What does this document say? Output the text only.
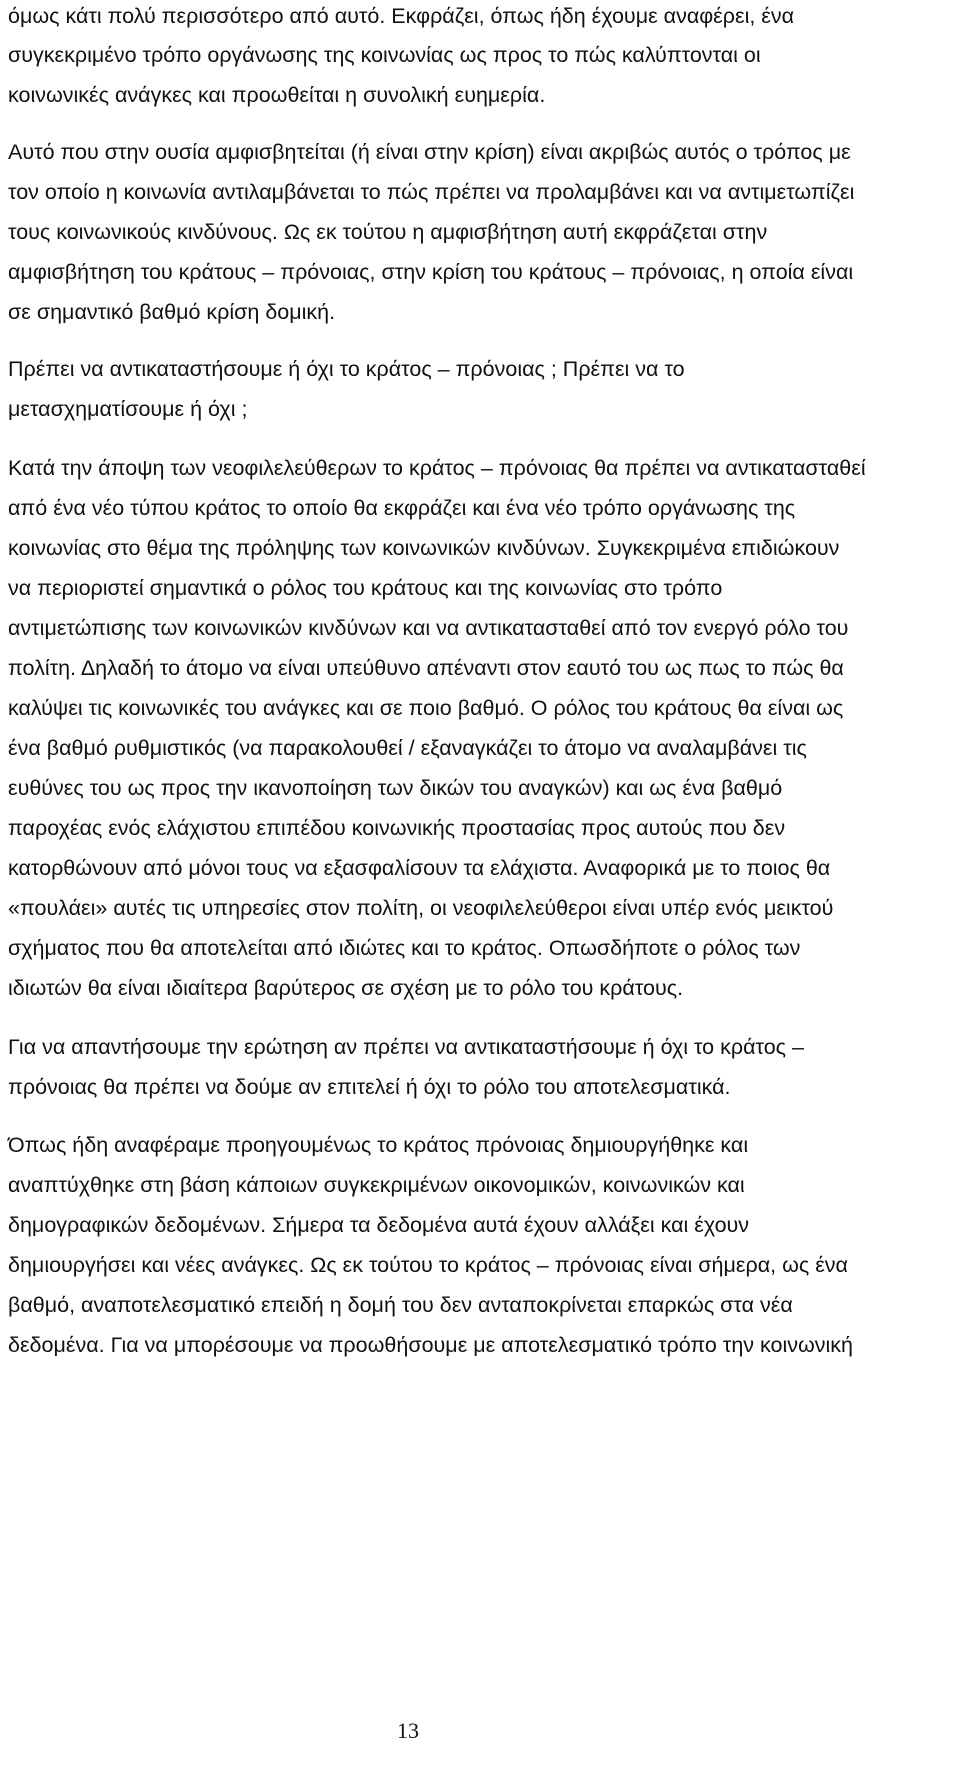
όμως κάτι πολύ περισσότερο από αυτό. Εκφράζει, όπως ήδη έχουμε αναφέρει, ένα
συγκεκριμένο τρόπο οργάνωσης της κοινωνίας ως προς το πώς καλύπτονται οι
κοινωνικές ανάγκες και προωθείται η συνολική ευημερία.
Αυτό που στην ουσία αμφισβητείται (ή είναι στην κρίση) είναι ακριβώς αυτός ο τρόπος με
τον οποίο η κοινωνία αντιλαμβάνεται το πώς πρέπει να προλαμβάνει και να αντιμετωπίζει
τους κοινωνικούς κινδύνους. Ως εκ τούτου η αμφισβήτηση αυτή εκφράζεται στην
αμφισβήτηση του κράτους – πρόνοιας, στην κρίση του κράτους – πρόνοιας, η οποία είναι
σε σημαντικό βαθμό κρίση δομική.
Πρέπει να αντικαταστήσουμε ή όχι το κράτος – πρόνοιας ; Πρέπει να το
μετασχηματίσουμε ή όχι ;
Κατά την άποψη των νεοφιλελεύθερων το κράτος – πρόνοιας θα πρέπει να αντικατασταθεί
από ένα νέο τύπου κράτος το οποίο θα εκφράζει και ένα νέο τρόπο οργάνωσης της
κοινωνίας στο θέμα της πρόληψης των κοινωνικών κινδύνων. Συγκεκριμένα επιδιώκουν
να περιοριστεί σημαντικά ο ρόλος του κράτους και της κοινωνίας στο τρόπο
αντιμετώπισης των κοινωνικών κινδύνων και να αντικατασταθεί από τον ενεργό ρόλο του
πολίτη. Δηλαδή το άτομο να είναι υπεύθυνο απέναντι στον εαυτό του ως πως το πώς θα
καλύψει τις κοινωνικές του ανάγκες και σε ποιο βαθμό. Ο ρόλος του κράτους θα είναι ως
ένα βαθμό ρυθμιστικός (να παρακολουθεί / εξαναγκάζει το άτομο να αναλαμβάνει τις
ευθύνες του ως προς την ικανοποίηση των δικών του αναγκών) και ως ένα βαθμό
παροχέας ενός ελάχιστου επιπέδου κοινωνικής προστασίας προς αυτούς που δεν
κατορθώνουν από μόνοι τους να εξασφαλίσουν τα ελάχιστα. Αναφορικά με το ποιος θα
«πουλάει» αυτές τις υπηρεσίες στον πολίτη, οι νεοφιλελεύθεροι είναι υπέρ ενός μεικτού
σχήματος που θα αποτελείται από ιδιώτες και το κράτος. Οπωσδήποτε ο ρόλος των
ιδιωτών θα είναι ιδιαίτερα βαρύτερος σε σχέση με το ρόλο του κράτους.
Για να απαντήσουμε την ερώτηση αν πρέπει να αντικαταστήσουμε ή όχι το κράτος –
πρόνοιας θα πρέπει να δούμε αν επιτελεί ή όχι το ρόλο του αποτελεσματικά.
Όπως ήδη αναφέραμε προηγουμένως το κράτος πρόνοιας δημιουργήθηκε και
αναπτύχθηκε στη βάση κάποιων συγκεκριμένων οικονομικών, κοινωνικών και
δημογραφικών δεδομένων. Σήμερα τα δεδομένα αυτά έχουν αλλάξει και έχουν
δημιουργήσει και νέες ανάγκες. Ως εκ τούτου το κράτος – πρόνοιας είναι σήμερα, ως ένα
βαθμό, αναποτελεσματικό επειδή η δομή του δεν ανταποκρίνεται επαρκώς στα νέα
δεδομένα. Για να μπορέσουμε να προωθήσουμε με αποτελεσματικό τρόπο την κοινωνική
13
